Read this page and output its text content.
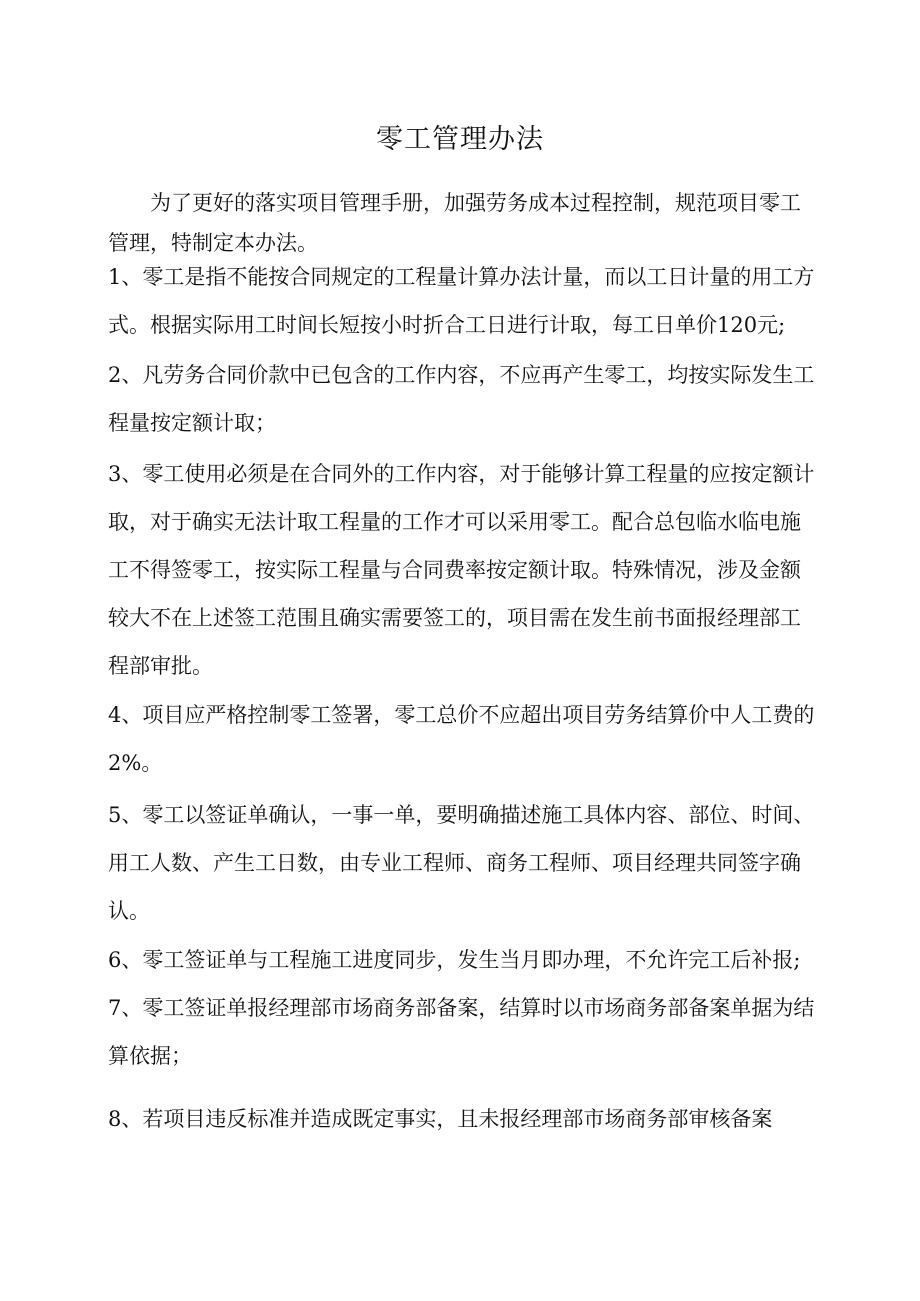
零工管理办法

为了更好的落实项目管理手册，加强劳务成本过程控制，规范项目零工管理，特制定本办法。

1、零工是指不能按合同规定的工程量计算办法计量，而以工日计量的用工方式。根据实际用工时间长短按小时折合工日进行计取，每工日单价120元;

2、凡劳务合同价款中已包含的工作内容，不应再产生零工，均按实际发生工程量按定额计取；

3、零工使用必须是在合同外的工作内容，对于能够计算工程量的应按定额计取，对于确实无法计取工程量的工作才可以采用零工。配合总包临水临电施工不得签零工，按实际工程量与合同费率按定额计取。特殊情况，涉及金额较大不在上述签工范围且确实需要签工的，项目需在发生前书面报经理部工程部审批。

4、项目应严格控制零工签署，零工总价不应超出项目劳务结算价中人工费的2%。

5、零工以签证单确认，一事一单，要明确描述施工具体内容、部位、时间、用工人数、产生工日数，由专业工程师、商务工程师、项目经理共同签字确认。

6、零工签证单与工程施工进度同步，发生当月即办理，不允许完工后补报;

7、零工签证单报经理部市场商务部备案，结算时以市场商务部备案单据为结算依据；

8、若项目违反标准并造成既定事实，且未报经理部市场商务部审核备案
